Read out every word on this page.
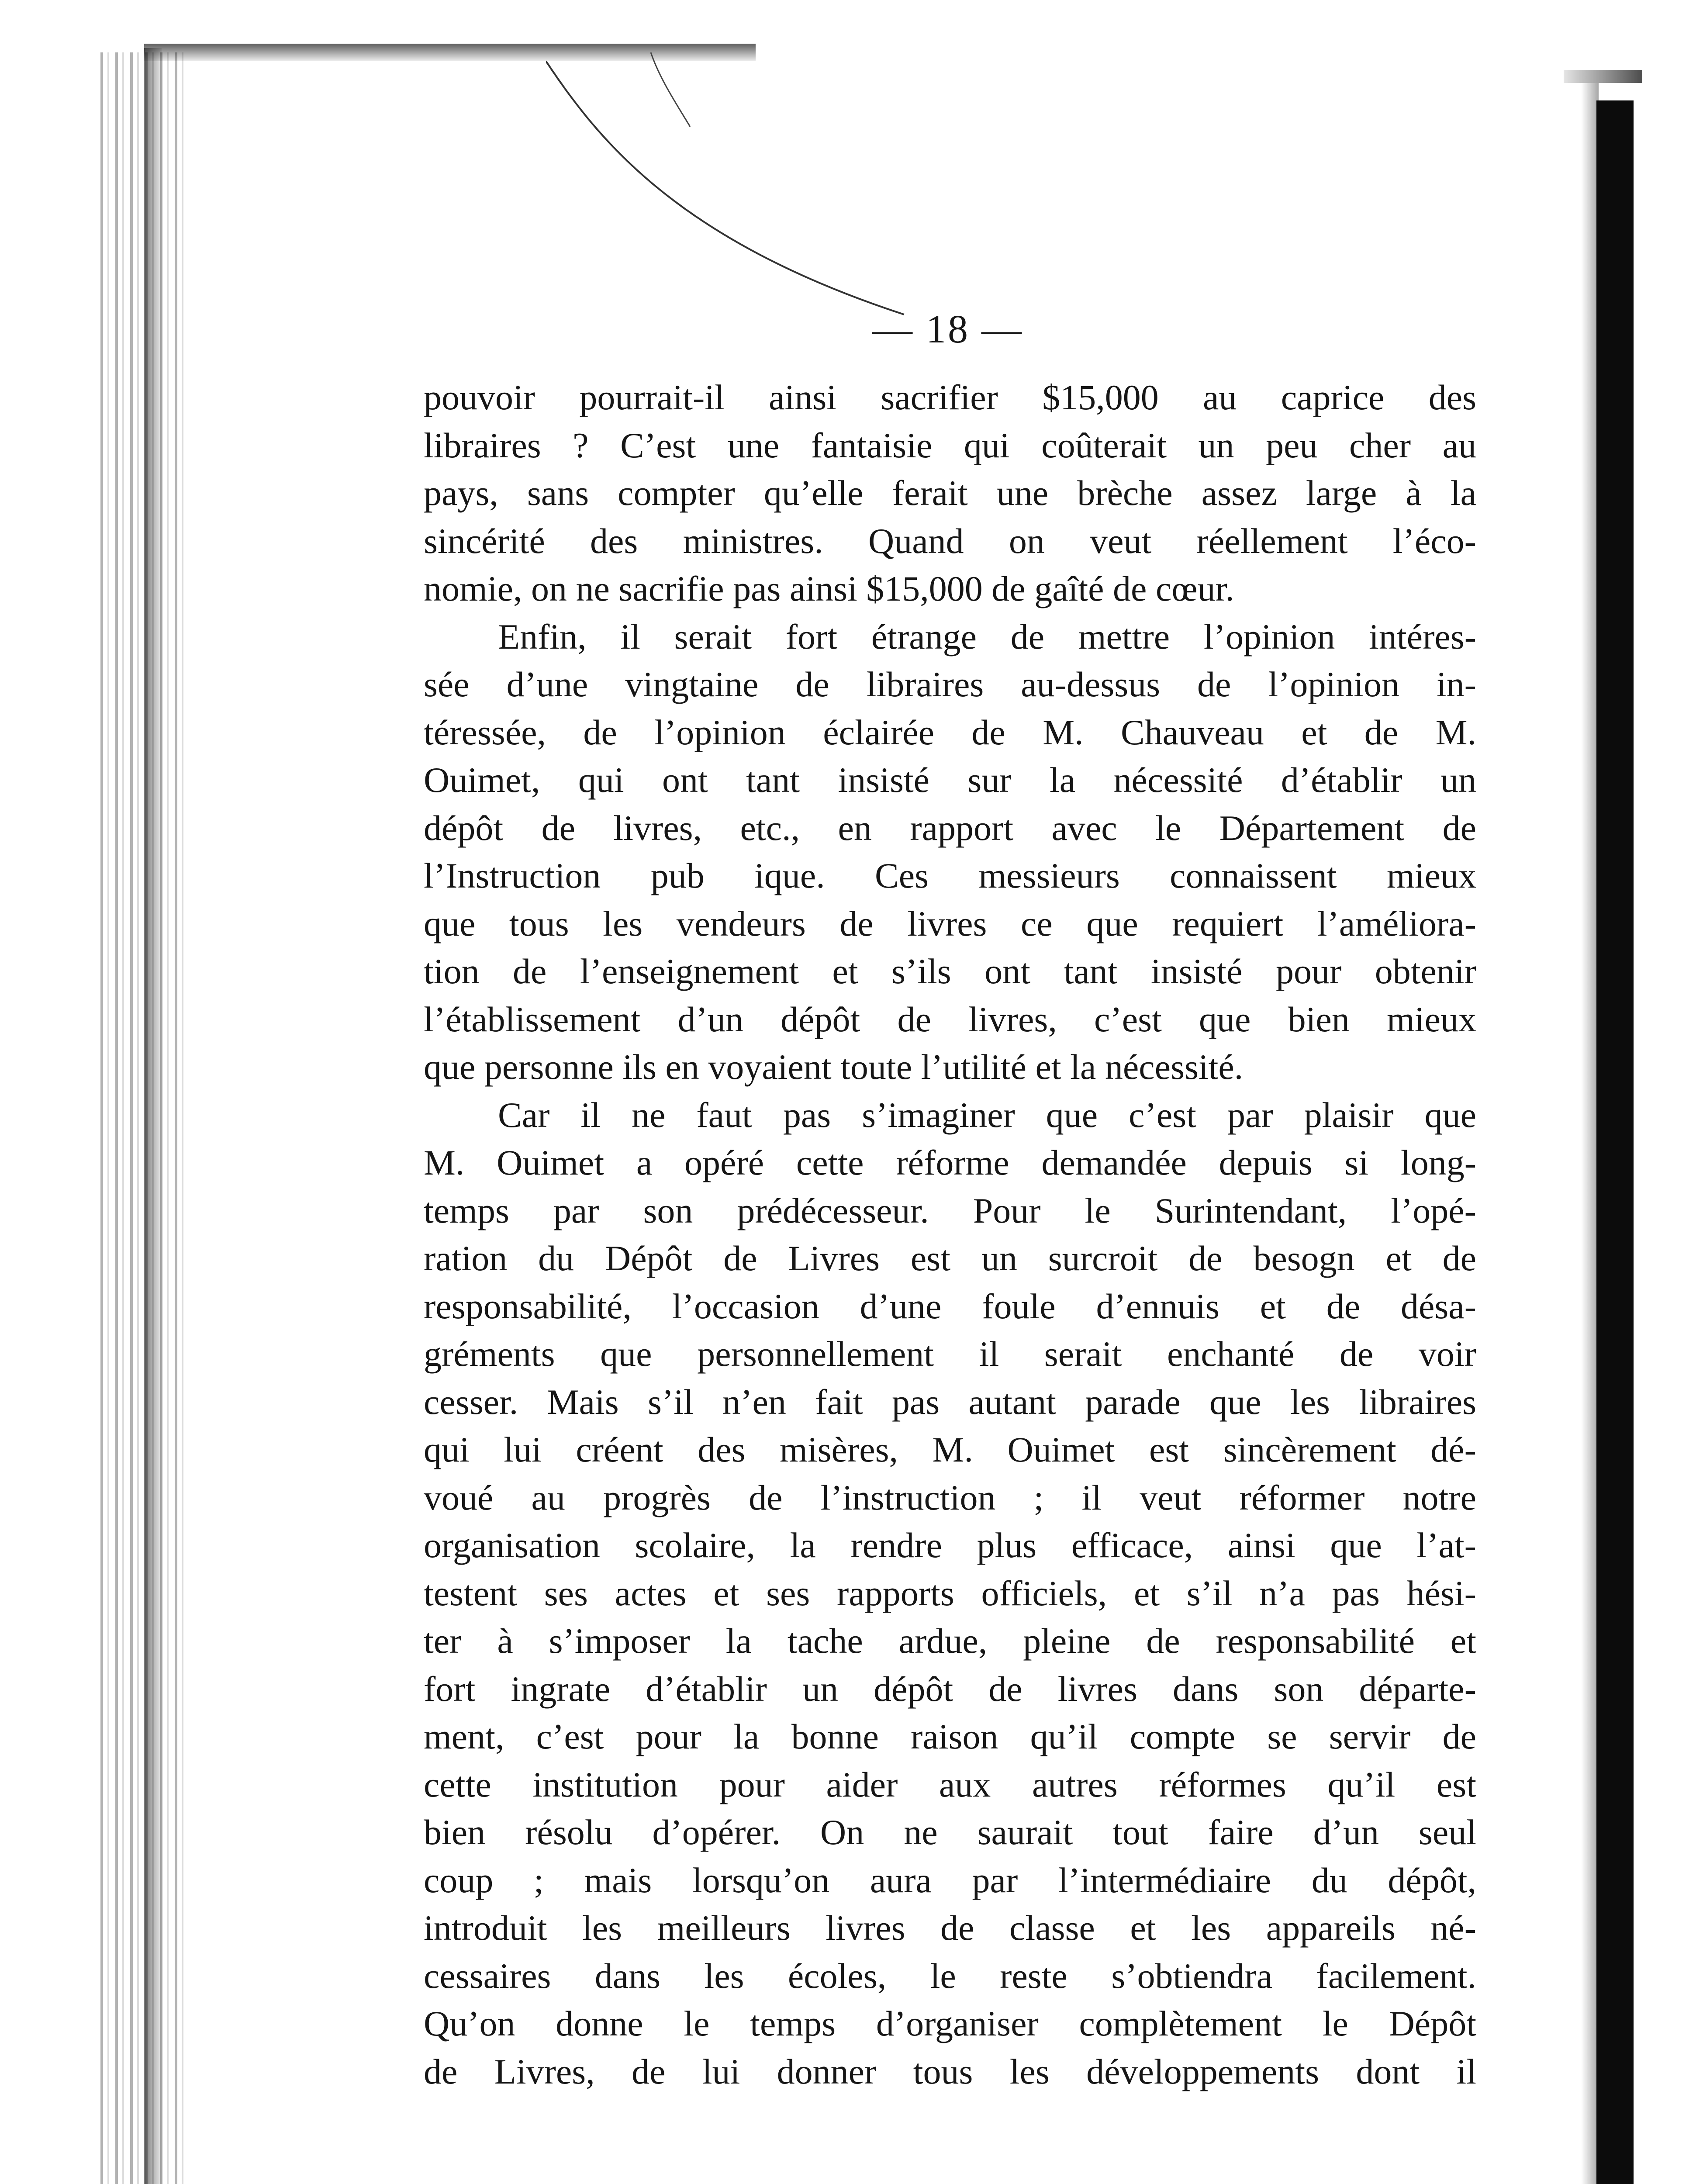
— 18 —
pouvoir pourrait-il ainsi sacrifier $15,000 au caprice des
libraires ? C’est une fantaisie qui coûterait un peu cher au
pays, sans compter qu’elle ferait une brèche assez large à la
sincérité des ministres. Quand on veut réellement l’éco-
nomie, on ne sacrifie pas ainsi $15,000 de gaîté de cœur.
Enfin, il serait fort étrange de mettre l’opinion intéres-
sée d’une vingtaine de libraires au-dessus de l’opinion in-
téressée, de l’opinion éclairée de M. Chauveau et de M.
Ouimet, qui ont tant insisté sur la nécessité d’établir un
dépôt de livres, etc., en rapport avec le Département de
l’Instruction pub ique. Ces messieurs connaissent mieux
que tous les vendeurs de livres ce que requiert l’améliora-
tion de l’enseignement et s’ils ont tant insisté pour obtenir
l’établissement d’un dépôt de livres, c’est que bien mieux
que personne ils en voyaient toute l’utilité et la nécessité.
Car il ne faut pas s’imaginer que c’est par plaisir que
M. Ouimet a opéré cette réforme demandée depuis si long-
temps par son prédécesseur. Pour le Surintendant, l’opé-
ration du Dépôt de Livres est un surcroit de besogn et de
responsabilité, l’occasion d’une foule d’ennuis et de désa-
gréments que personnellement il serait enchanté de voir
cesser. Mais s’il n’en fait pas autant parade que les libraires
qui lui créent des misères, M. Ouimet est sincèrement dé-
voué au progrès de l’instruction ; il veut réformer notre
organisation scolaire, la rendre plus efficace, ainsi que l’at-
testent ses actes et ses rapports officiels, et s’il n’a pas hési-
ter à s’imposer la tache ardue, pleine de responsabilité et
fort ingrate d’établir un dépôt de livres dans son départe-
ment, c’est pour la bonne raison qu’il compte se servir de
cette institution pour aider aux autres réformes qu’il est
bien résolu d’opérer. On ne saurait tout faire d’un seul
coup ; mais lorsqu’on aura par l’intermédiaire du dépôt,
introduit les meilleurs livres de classe et les appareils né-
cessaires dans les écoles, le reste s’obtiendra facilement.
Qu’on donne le temps d’organiser complètement le Dépôt
de Livres, de lui donner tous les développements dont il
